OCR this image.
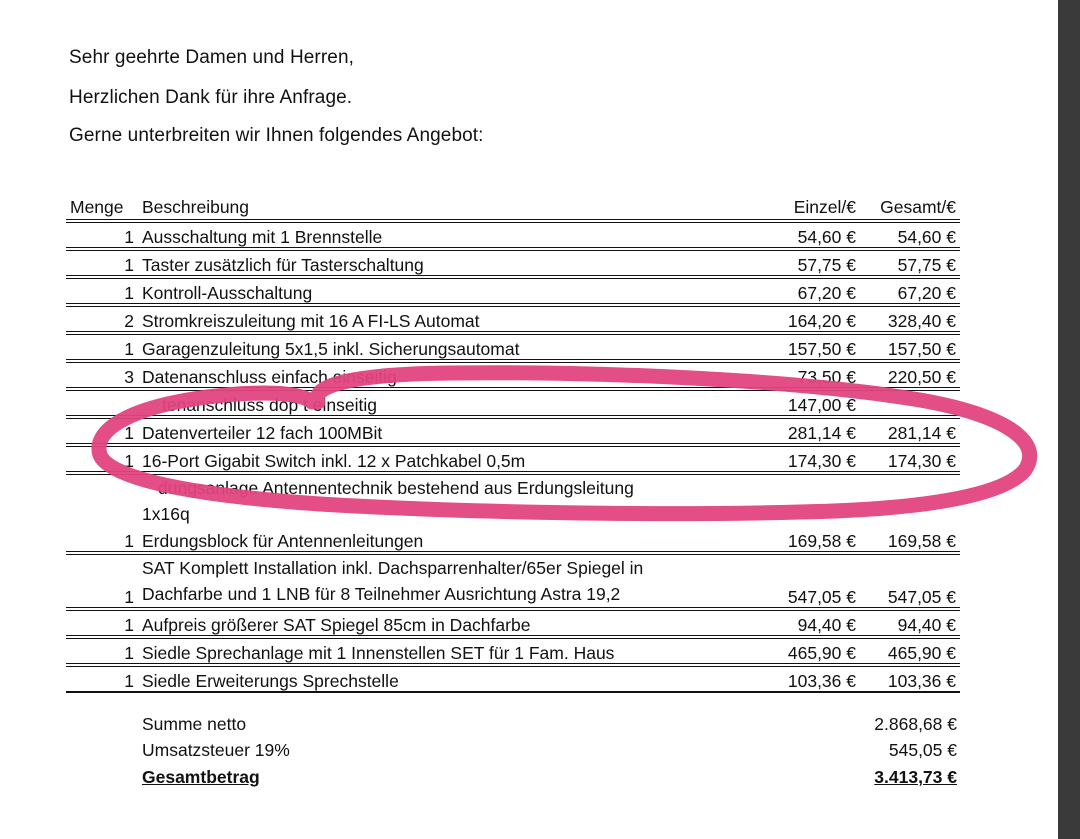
Sehr geehrte Damen und Herren,
Herzlichen Dank für ihre Anfrage.
Gerne unterbreiten wir Ihnen folgendes Angebot:
Menge	Beschreibung	Einzel/€	Gesamt/€
1	Ausschaltung mit 1 Brennstelle	54,60 €	54,60 €
1	Taster zusätzlich für Tasterschaltung	57,75 €	57,75 €
1	Kontroll-Ausschaltung	67,20 €	67,20 €
2	Stromkreiszuleitung mit 16 A FI-LS Automat	164,20 €	328,40 €
1	Garagenzuleitung 5x1,5 inkl. Sicherungsautomat	157,50 €	157,50 €
3	Datenanschluss einfach einseitig	73,50 €	220,50 €
	tenanschluss dop t einseitig	147,00 €	
1	Datenverteiler 12 fach 100MBit	281,14 €	281,14 €
1	16-Port Gigabit Switch inkl. 12 x Patchkabel 0,5m	174,30 €	174,30 €

	dungsanlage Antennentechnik bestehend aus Erdungsleitung
1x16q		

1	Erdungsblock für Antennenleitungen	169,58 €	169,58 €
1	SAT Komplett Installation inkl. Dachsparrenhalter/65er Spiegel in
Dachfarbe und 1 LNB für 8 Teilnehmer Ausrichtung Astra 19,2	547,05 €	547,05 €
1	Aufpreis größerer SAT Spiegel 85cm in Dachfarbe	94,40 €	94,40 €
1	Siedle Sprechanlage mit 1 Innenstellen SET für 1 Fam. Haus	465,90 €	465,90 €
1	Siedle Erweiterungs Sprechstelle	103,36 €	103,36 €
Summe netto	2.868,68 €
Umsatzsteuer 19%	545,05 €
Gesamtbetrag	3.413,73 €
